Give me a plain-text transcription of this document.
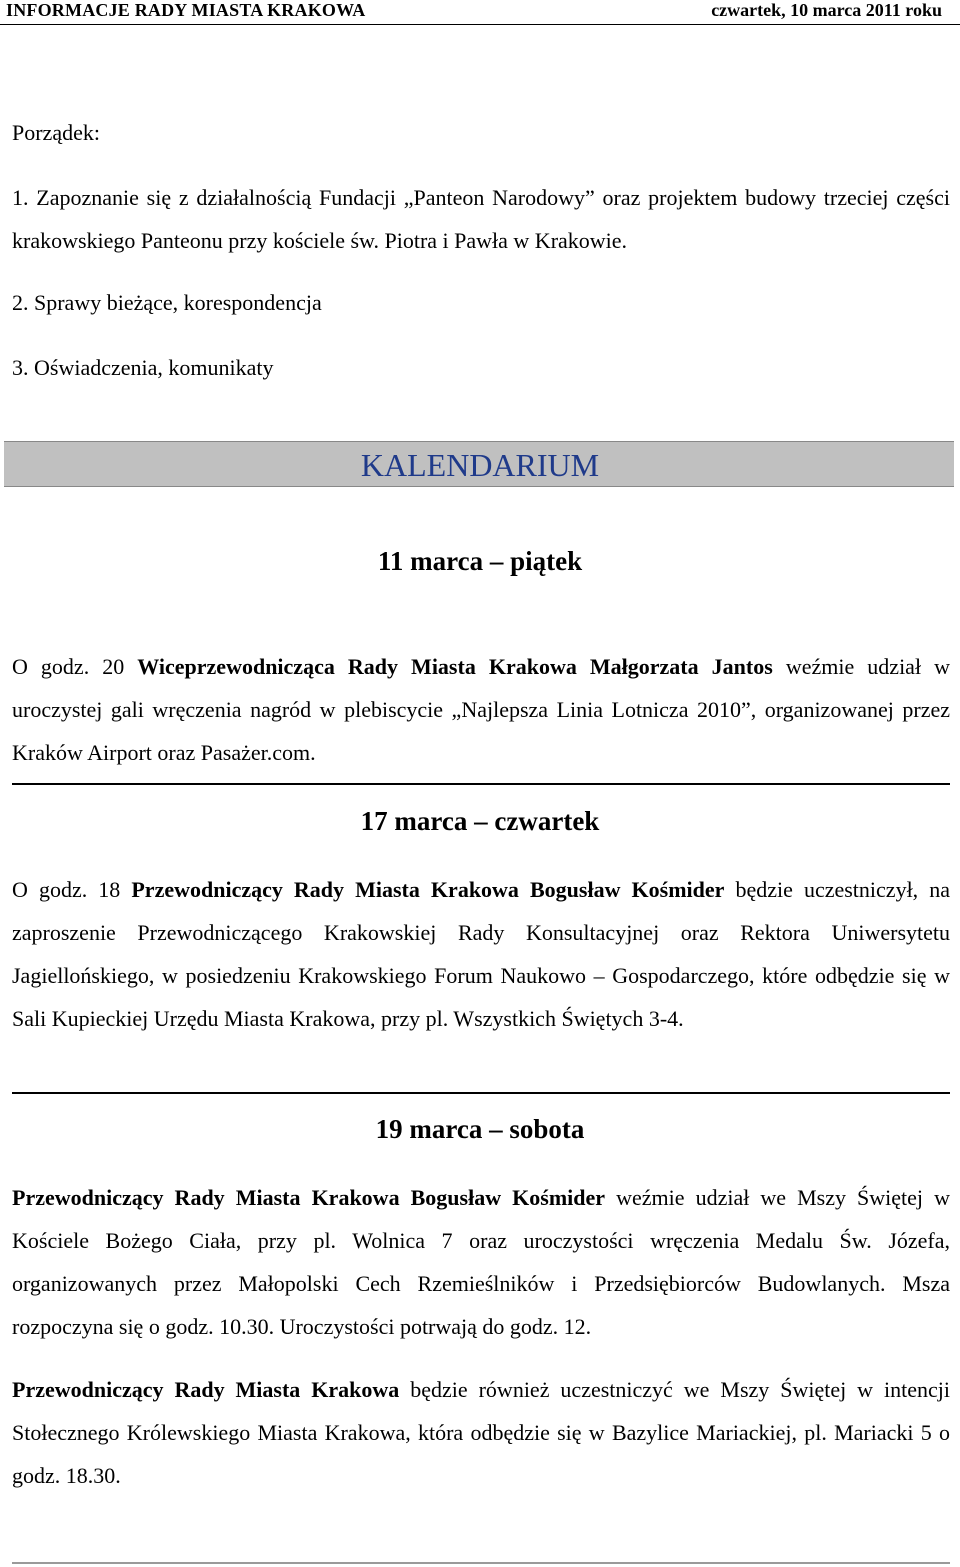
INFORMACJE RADY MIASTA KRAKOWA	czwartek, 10 marca 2011 roku
Porządek:

1. Zapoznanie się z działalnością Fundacji „Panteon Narodowy” oraz projektem budowy trzeciej części krakowskiego Panteonu przy kościele św. Piotra i Pawła w Krakowie.

2. Sprawy bieżące, korespondencja
3. Oświadczenia, komunikaty
KALENDARIUM
11 marca – piątek

O godz. 20 Wiceprzewodnicząca Rady Miasta Krakowa Małgorzata Jantos weźmie udział w uroczystej gali wręczenia nagród w plebiscycie „Najlepsza Linia Lotnicza 2010”, organizowanej przez Kraków Airport oraz Pasażer.com.

17 marca – czwartek

O godz. 18 Przewodniczący Rady Miasta Krakowa Bogusław Kośmider będzie uczestniczył, na zaproszenie Przewodniczącego Krakowskiej Rady Konsultacyjnej oraz Rektora Uniwersytetu Jagiellońskiego, w posiedzeniu Krakowskiego Forum Naukowo – Gospodarczego, które odbędzie się w Sali Kupieckiej Urzędu Miasta Krakowa, przy pl. Wszystkich Świętych 3-4.

19 marca – sobota

Przewodniczący Rady Miasta Krakowa Bogusław Kośmider weźmie udział we Mszy Świętej w Kościele Bożego Ciała, przy pl. Wolnica 7 oraz uroczystości wręczenia Medalu Św. Józefa, organizowanych przez Małopolski Cech Rzemieślników i Przedsiębiorców Budowlanych. Msza rozpoczyna się o godz. 10.30. Uroczystości potrwają do godz. 12.

Przewodniczący Rady Miasta Krakowa będzie również uczestniczyć we Mszy Świętej w intencji Stołecznego Królewskiego Miasta Krakowa, która odbędzie się w Bazylice Mariackiej, pl. Mariacki 5 o godz. 18.30.
